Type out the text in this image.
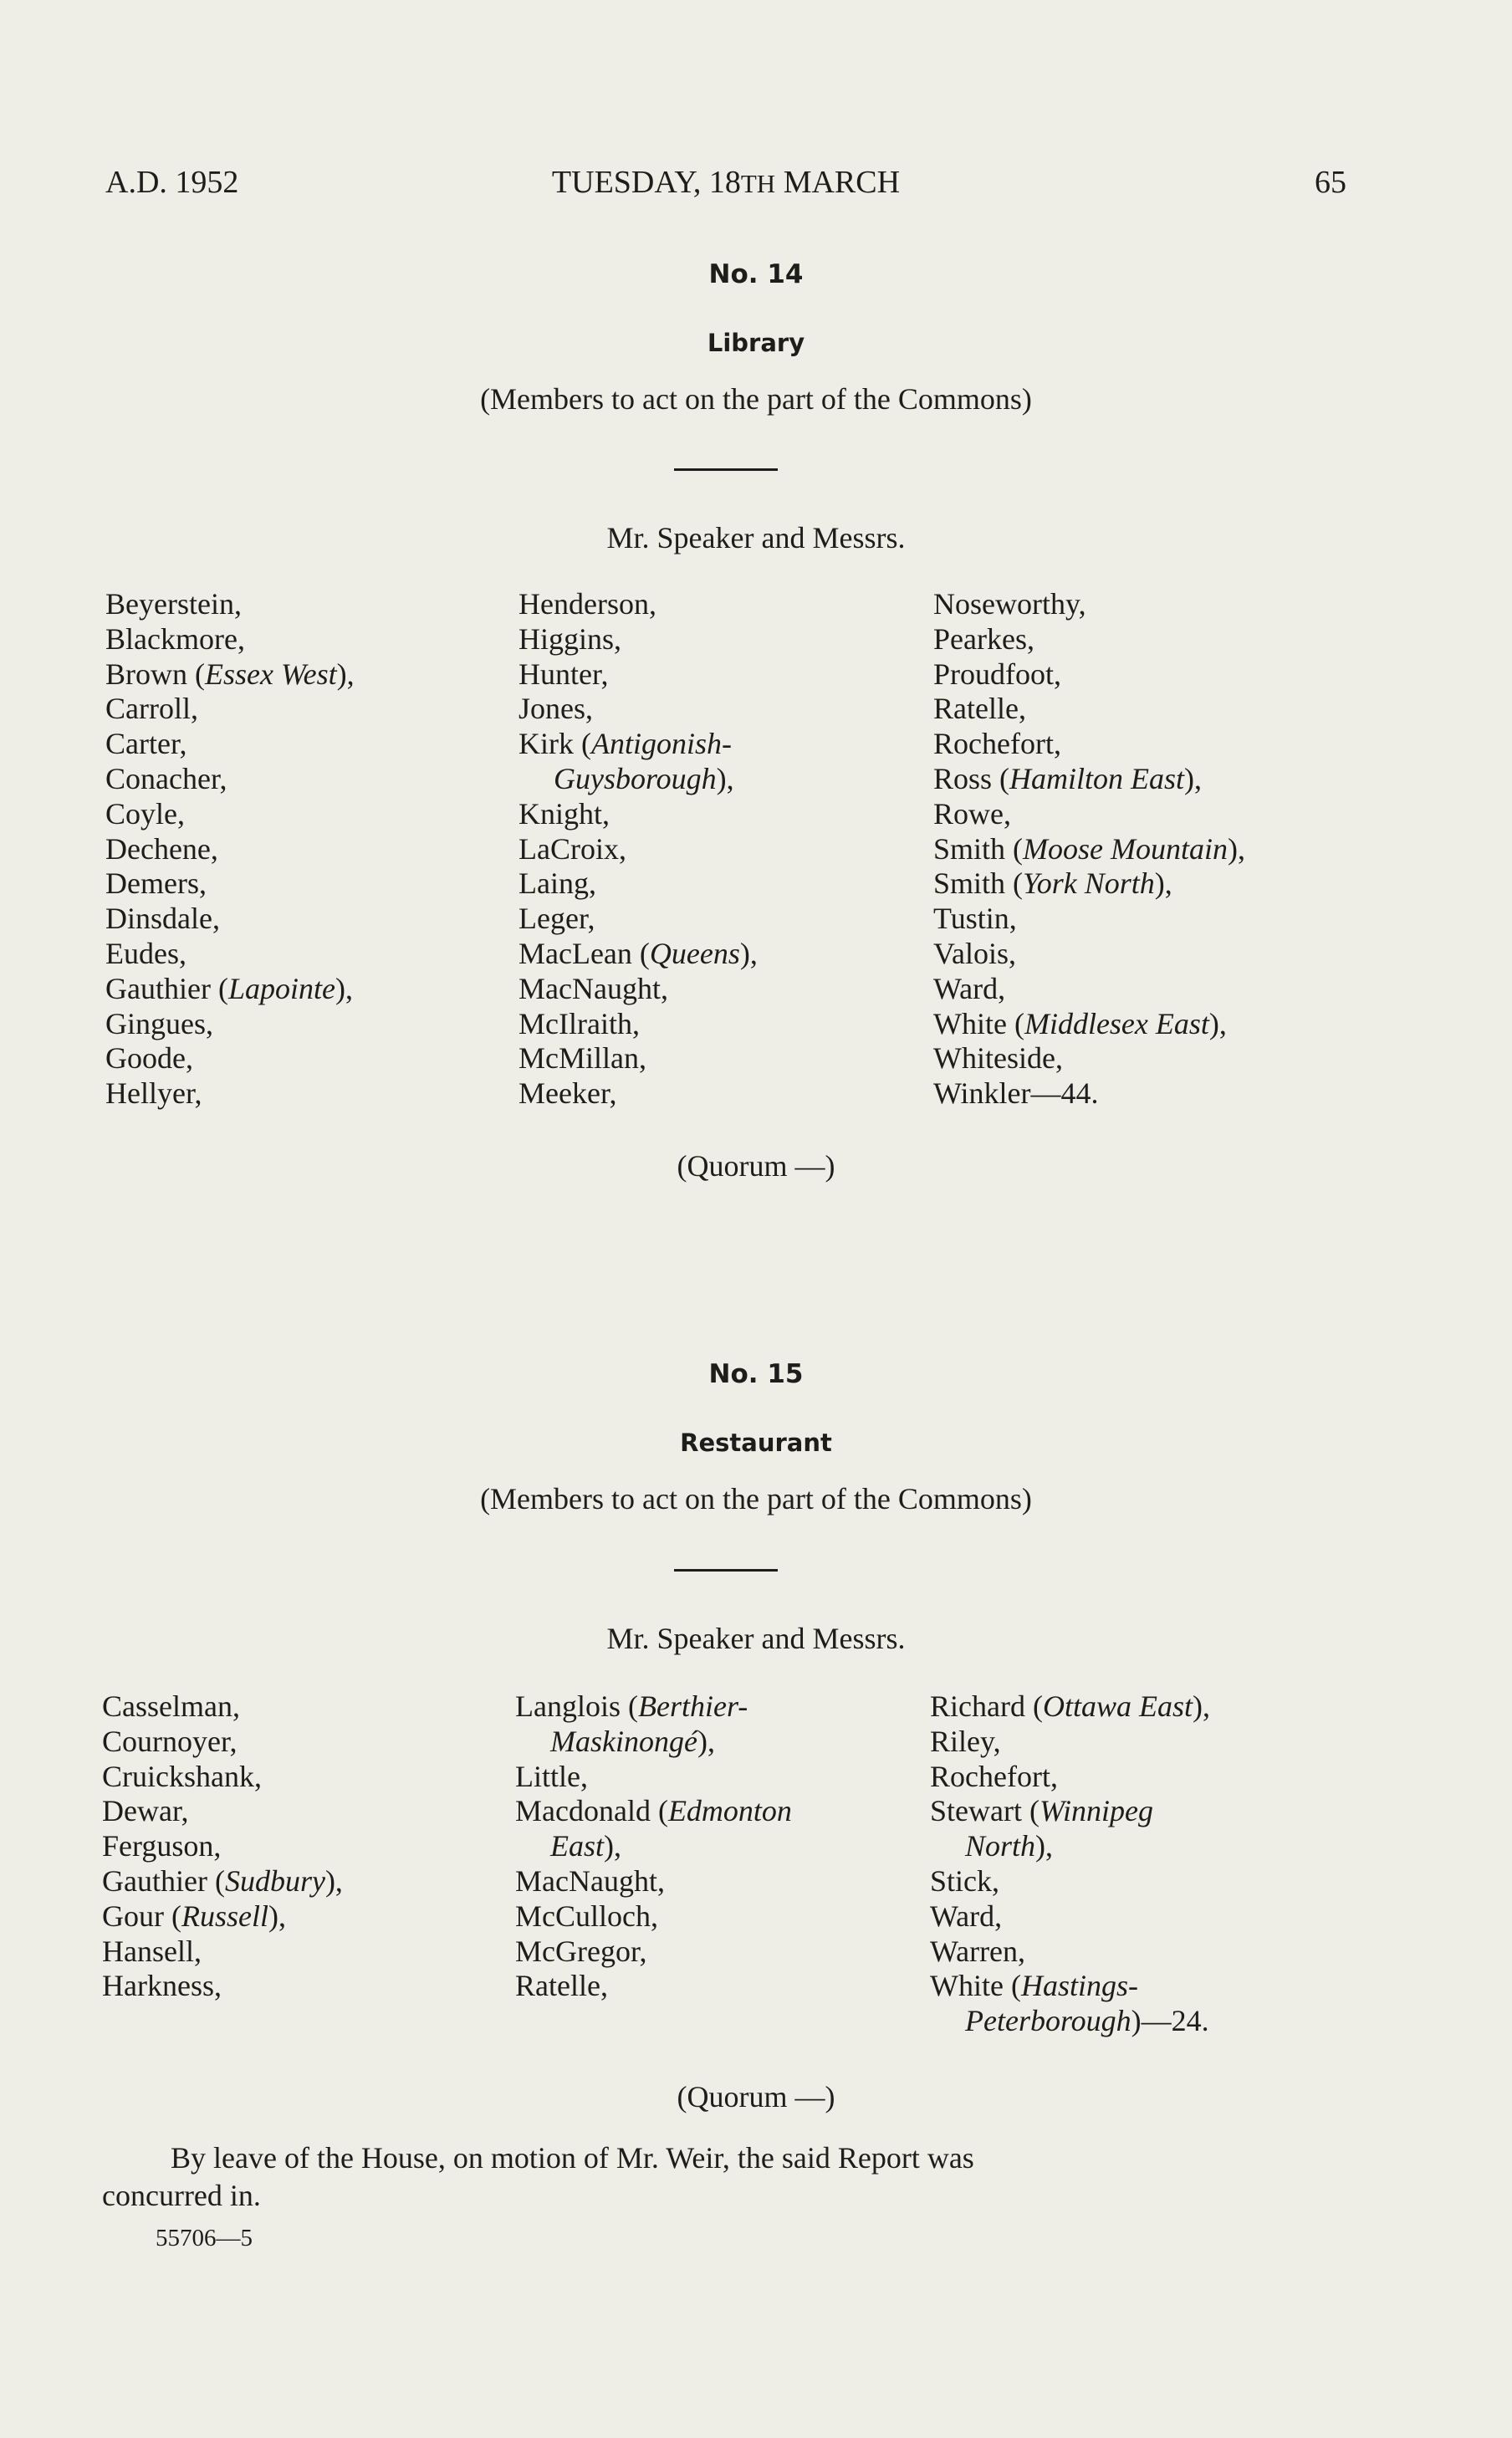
A.D. 1952	TUESDAY, 18TH MARCH	65
No. 14
Library
(Members to act on the part of the Commons)
Mr. Speaker and Messrs.
Beyerstein,
Blackmore,
Brown (Essex West),
Carroll,
Carter,
Conacher,
Coyle,
Dechene,
Demers,
Dinsdale,
Eudes,
Gauthier (Lapointe),
Gingues,
Goode,
Hellyer,
Henderson,
Higgins,
Hunter,
Jones,
Kirk (Antigonish-
Guysborough),
Knight,
LaCroix,
Laing,
Leger,
MacLean (Queens),
MacNaught,
McIlraith,
McMillan,
Meeker,
Noseworthy,
Pearkes,
Proudfoot,
Ratelle,
Rochefort,
Ross (Hamilton East),
Rowe,
Smith (Moose Mountain),
Smith (York North),
Tustin,
Valois,
Ward,
White (Middlesex East),
Whiteside,
Winkler—44.
(Quorum —)
No. 15
Restaurant
(Members to act on the part of the Commons)
Mr. Speaker and Messrs.
Casselman,
Cournoyer,
Cruickshank,
Dewar,
Ferguson,
Gauthier (Sudbury),
Gour (Russell),
Hansell,
Harkness,
Langlois (Berthier-
Maskinongé),
Little,
Macdonald (Edmonton
East),
MacNaught,
McCulloch,
McGregor,
Ratelle,
Richard (Ottawa East),
Riley,
Rochefort,
Stewart (Winnipeg
North),
Stick,
Ward,
Warren,
White (Hastings-
Peterborough)—24.
(Quorum —)
By leave of the House, on motion of Mr. Weir, the said Report was
concurred in.
55706—5
